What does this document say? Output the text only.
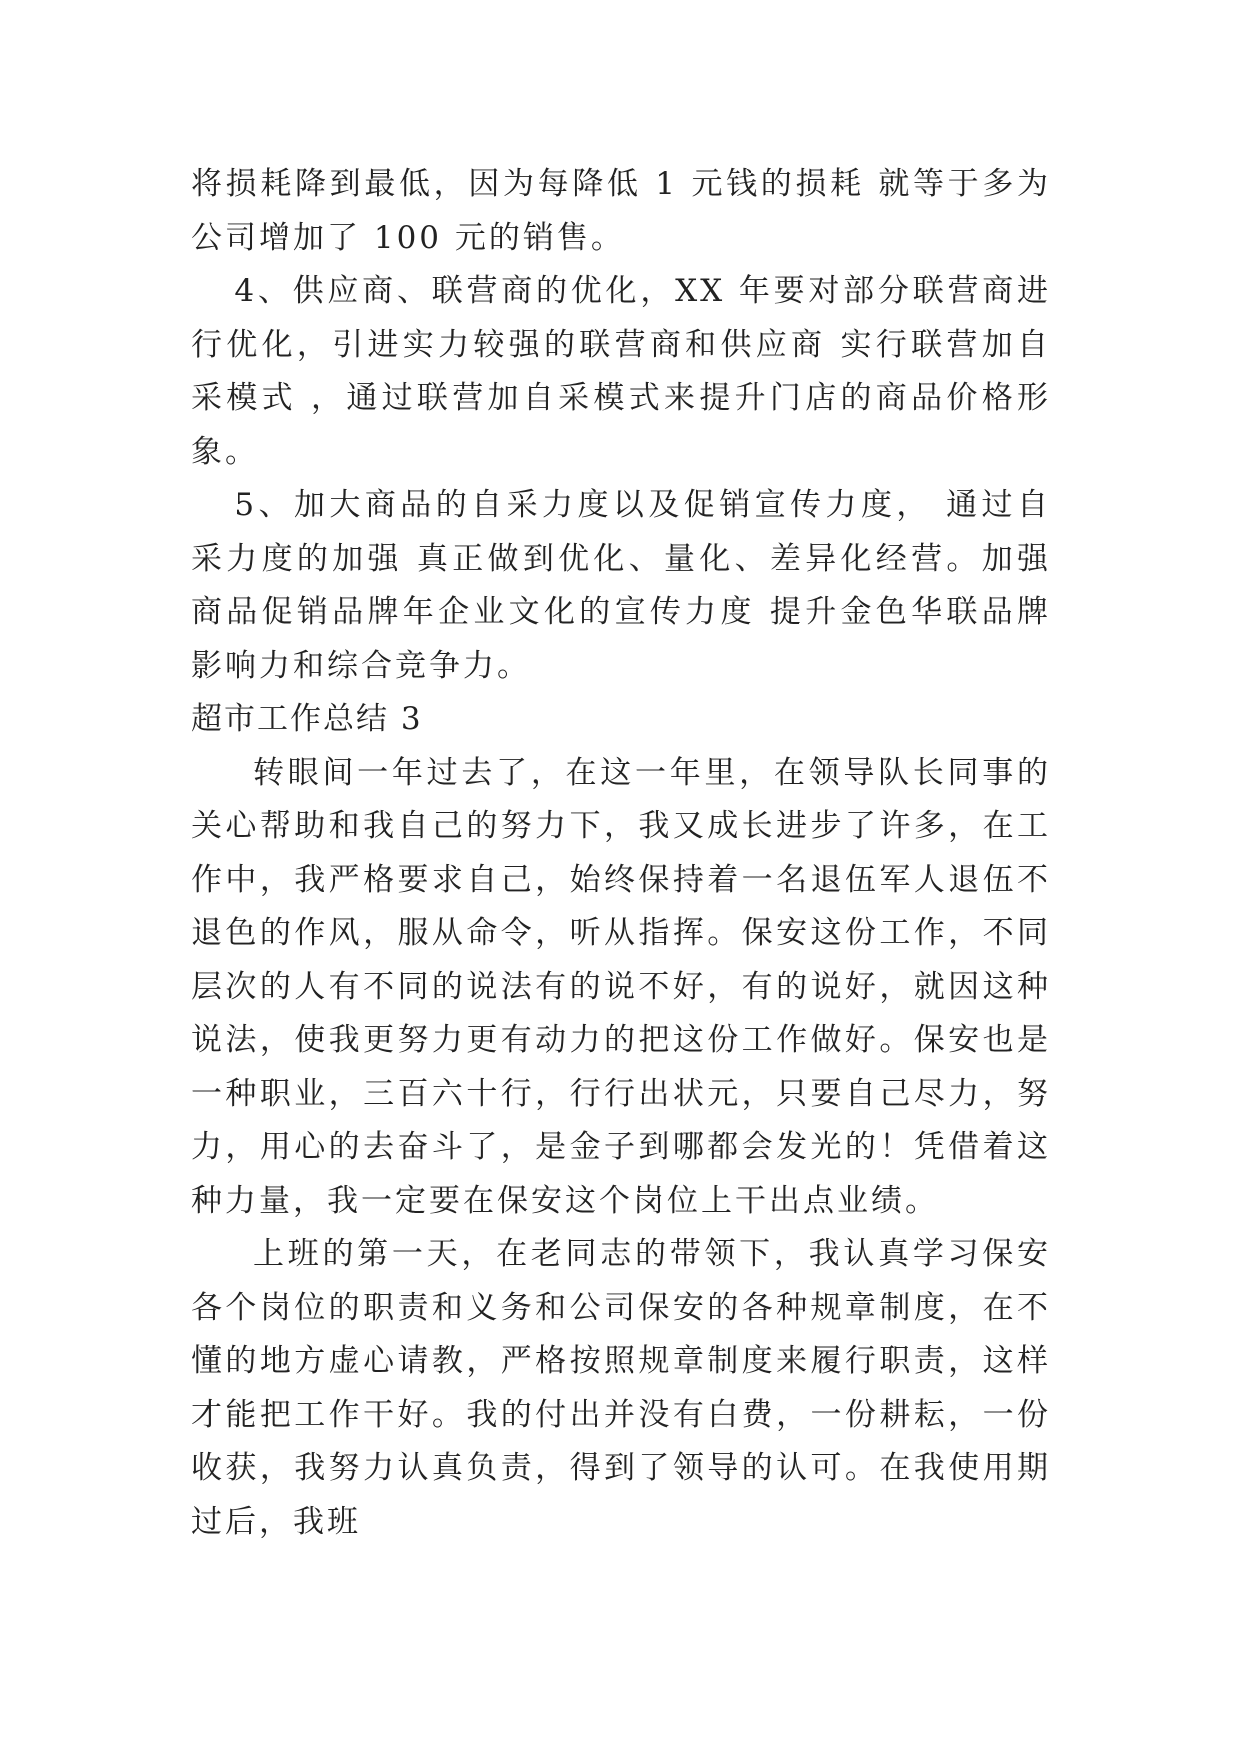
将损耗降到最低，因为每降低 1 元钱的损耗 就等于多为公司增加了 100 元的销售。

4、供应商、联营商的优化，XX 年要对部分联营商进行优化，引进实力较强的联营商和供应商 实行联营加自采模式 ，通过联营加自采模式来提升门店的商品价格形象。

5、加大商品的自采力度以及促销宣传力度， 通过自采力度的加强 真正做到优化、量化、差异化经营。加强商品促销品牌年企业文化的宣传力度 提升金色华联品牌影响力和综合竞争力。

超市工作总结 3

转眼间一年过去了，在这一年里，在领导队长同事的关心帮助和我自己的努力下，我又成长进步了许多，在工作中，我严格要求自己，始终保持着一名退伍军人退伍不退色的作风，服从命令，听从指挥。保安这份工作，不同层次的人有不同的说法有的说不好，有的说好，就因这种说法，使我更努力更有动力的把这份工作做好。保安也是一种职业，三百六十行，行行出状元，只要自己尽力，努力，用心的去奋斗了，是金子到哪都会发光的！凭借着这种力量，我一定要在保安这个岗位上干出点业绩。

上班的第一天，在老同志的带领下，我认真学习保安各个岗位的职责和义务和公司保安的各种规章制度，在不懂的地方虚心请教，严格按照规章制度来履行职责，这样才能把工作干好。我的付出并没有白费，一份耕耘，一份收获，我努力认真负责，得到了领导的认可。在我使用期过后，我班
